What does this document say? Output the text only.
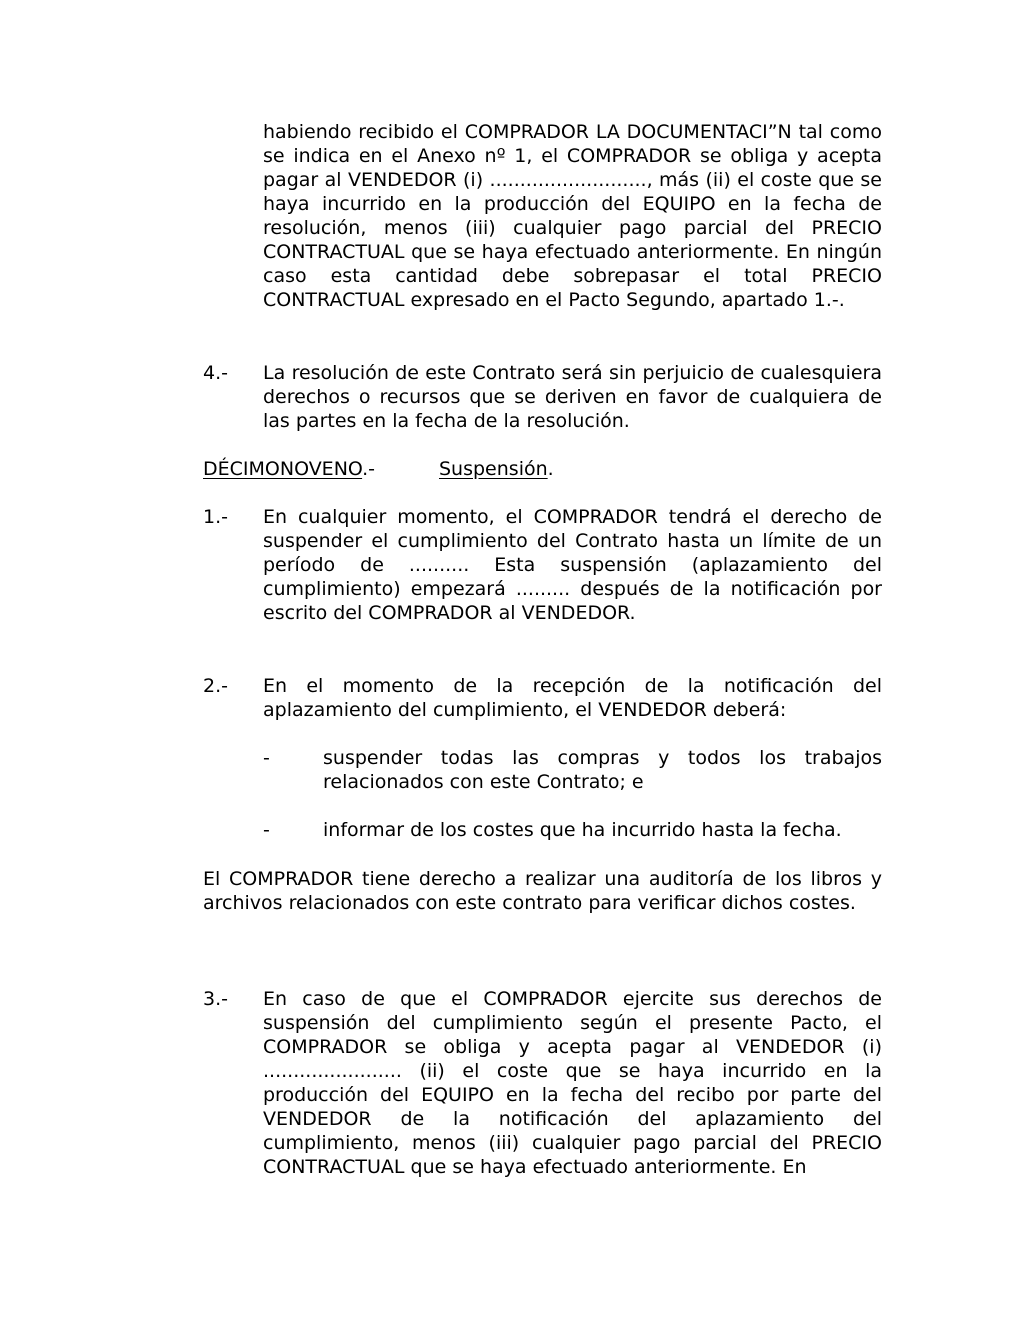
habiendo recibido el COMPRADOR LA DOCUMENTACI”N tal como se indica en el Anexo nº 1, el COMPRADOR se obliga y acepta pagar al VENDEDOR (i) .........................., más (ii) el coste que se haya incurrido en la producción del EQUIPO en la fecha de resolución, menos (iii) cualquier pago parcial del PRECIO CONTRACTUAL que se haya efectuado anteriormente. En ningún caso esta cantidad debe sobrepasar el total PRECIO CONTRACTUAL expresado en el Pacto Segundo, apartado 1.-.
4.-	La resolución de este Contrato será sin perjuicio de cualesquiera derechos o recursos que se deriven en favor de cualquiera de las partes en la fecha de la resolución.
DÉCIMONOVENO.-	Suspensión.
1.-	En cualquier momento, el COMPRADOR tendrá el derecho de suspender el cumplimiento del Contrato hasta un límite de un período de .......... Esta suspensión (aplazamiento del cumplimiento) empezará ......... después de la notificación por escrito del COMPRADOR al VENDEDOR.
2.-	En el momento de la recepción de la notificación del aplazamiento del cumplimiento, el VENDEDOR deberá:
-	suspender todas las compras y todos los trabajos relacionados con este Contrato; e
-	informar de los costes que ha incurrido hasta la fecha.
El COMPRADOR tiene derecho a realizar una auditoría de los libros y archivos relacionados con este contrato para verificar dichos costes.
3.-	En caso de que el COMPRADOR ejercite sus derechos de suspensión del cumplimiento según el presente Pacto, el COMPRADOR se obliga y acepta pagar al VENDEDOR (i) ....................... (ii) el coste que se haya incurrido en la producción del EQUIPO en la fecha del recibo por parte del VENDEDOR de la notificación del aplazamiento del cumplimiento, menos (iii) cualquier pago parcial del PRECIO CONTRACTUAL que se haya efectuado anteriormente. En
